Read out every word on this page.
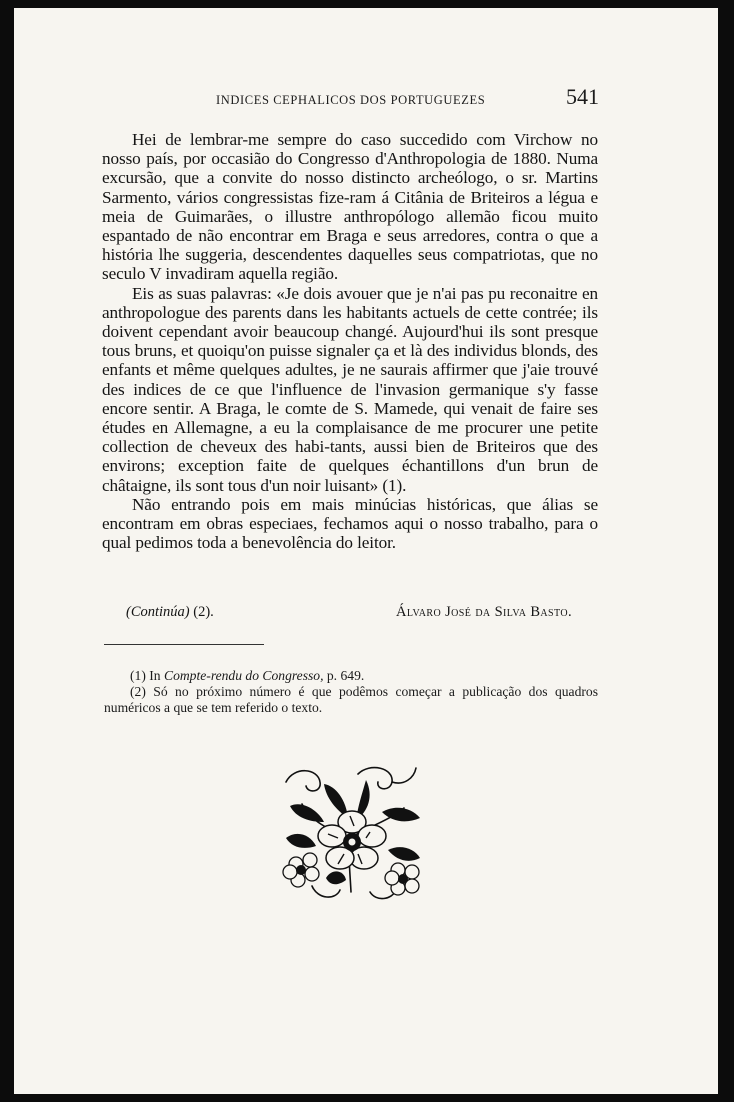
INDICES CEPHALICOS DOS PORTUGUEZES	541

Hei de lembrar-me sempre do caso succedido com Virchow no nosso país, por occasião do Congresso d'Anthropologia de 1880. Numa excursão, que a convite do nosso distincto archeólogo, o sr. Martins Sarmento, vários congressistas fize-ram á Citânia de Briteiros a légua e meia de Guimarães, o illustre anthropólogo allemão ficou muito espantado de não encontrar em Braga e seus arredores, contra o que a história lhe suggeria, descendentes daquelles seus compatriotas, que no seculo V invadiram aquella região.

Eis as suas palavras: «Je dois avouer que je n'ai pas pu reconaitre en anthropologue des parents dans les habitants actuels de cette contrée; ils doivent cependant avoir beaucoup changé. Aujourd'hui ils sont presque tous bruns, et quoiqu'on puisse signaler ça et là des individus blonds, des enfants et même quelques adultes, je ne saurais affirmer que j'aie trouvé des indices de ce que l'influence de l'invasion germanique s'y fasse encore sentir. A Braga, le comte de S. Mamede, qui venait de faire ses études en Allemagne, a eu la complaisance de me procurer une petite collection de cheveux des habi-tants, aussi bien de Briteiros que des environs; exception faite de quelques échantillons d'un brun de châtaigne, ils sont tous d'un noir luisant» (1).

Não entrando pois em mais minúcias históricas, que álias se encontram em obras especiaes, fechamos aqui o nosso trabalho, para o qual pedimos toda a benevolência do leitor.

(Continúa) (2).	Álvaro José da Silva Basto.

(1) In Compte-rendu do Congresso, p. 649.

(2) Só no próximo número é que podêmos começar a publicação dos quadros numéricos a que se tem referido o texto.
